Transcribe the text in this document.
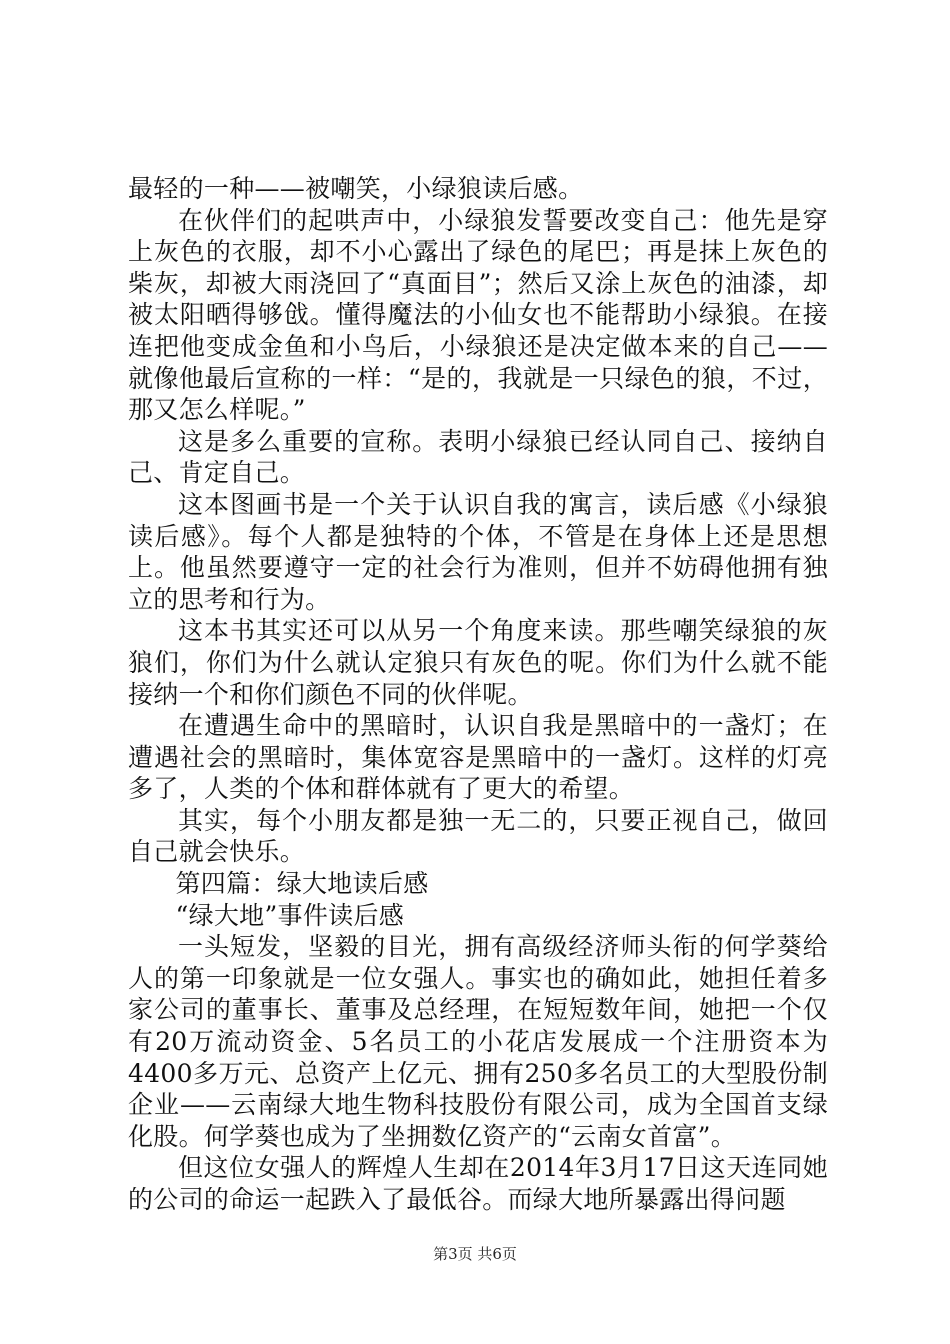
最轻的一种——被嘲笑，小绿狼读后感。

在伙伴们的起哄声中，小绿狼发誓要改变自己：他先是穿上灰色的衣服，却不小心露出了绿色的尾巴；再是抹上灰色的柴灰，却被大雨浇回了“真面目”；然后又涂上灰色的油漆，却被太阳晒得够戗。懂得魔法的小仙女也不能帮助小绿狼。在接连把他变成金鱼和小鸟后，小绿狼还是决定做本来的自己——就像他最后宣称的一样：“是的，我就是一只绿色的狼，不过，那又怎么样呢。”

这是多么重要的宣称。表明小绿狼已经认同自己、接纳自己、肯定自己。

这本图画书是一个关于认识自我的寓言，读后感《小绿狼读后感》。每个人都是独特的个体，不管是在身体上还是思想上。他虽然要遵守一定的社会行为准则，但并不妨碍他拥有独立的思考和行为。

这本书其实还可以从另一个角度来读。那些嘲笑绿狼的灰狼们，你们为什么就认定狼只有灰色的呢。你们为什么就不能接纳一个和你们颜色不同的伙伴呢。

在遭遇生命中的黑暗时，认识自我是黑暗中的一盏灯；在遭遇社会的黑暗时，集体宽容是黑暗中的一盏灯。这样的灯亮多了，人类的个体和群体就有了更大的希望。

其实，每个小朋友都是独一无二的，只要正视自己，做回自己就会快乐。

第四篇：绿大地读后感

“绿大地”事件读后感

一头短发，坚毅的目光，拥有高级经济师头衔的何学葵给人的第一印象就是一位女强人。事实也的确如此，她担任着多家公司的董事长、董事及总经理，在短短数年间，她把一个仅有20万流动资金、5名员工的小花店发展成一个注册资本为4400多万元、总资产上亿元、拥有250多名员工的大型股份制企业——云南绿大地生物科技股份有限公司，成为全国首支绿化股。何学葵也成为了坐拥数亿资产的“云南女首富”。

但这位女强人的辉煌人生却在2014年3月17日这天连同她的公司的命运一起跌入了最低谷。而绿大地所暴露出得问题

第3页 共6页
